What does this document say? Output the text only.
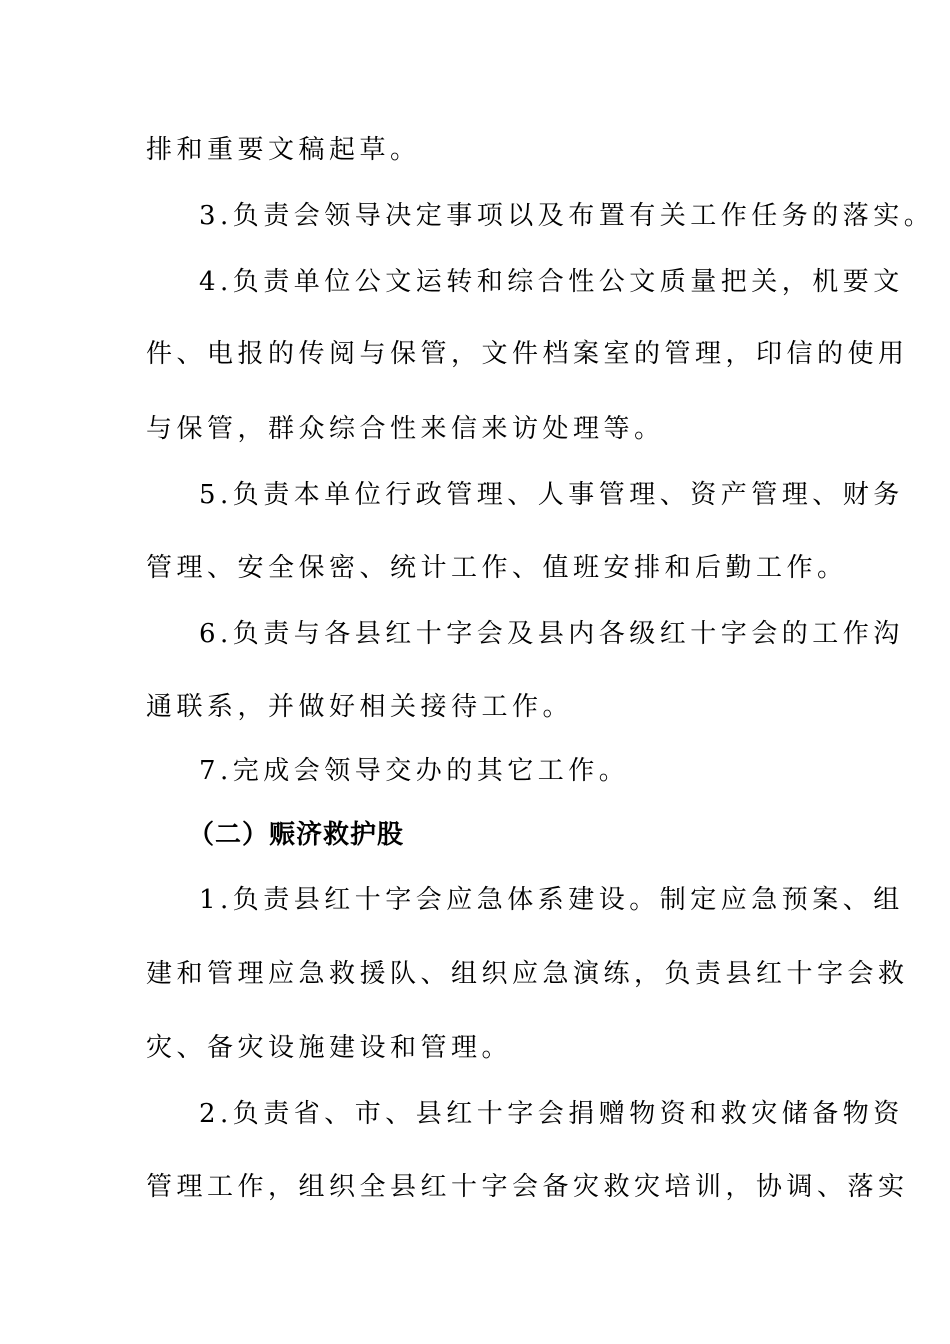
排和重要文稿起草。
3.负责会领导决定事项以及布置有关工作任务的落实。
4.负责单位公文运转和综合性公文质量把关，机要文
件、电报的传阅与保管，文件档案室的管理，印信的使用
与保管，群众综合性来信来访处理等。
5.负责本单位行政管理、人事管理、资产管理、财务
管理、安全保密、统计工作、值班安排和后勤工作。
6.负责与各县红十字会及县内各级红十字会的工作沟
通联系，并做好相关接待工作。
7.完成会领导交办的其它工作。
（二）赈济救护股
1.负责县红十字会应急体系建设。制定应急预案、组
建和管理应急救援队、组织应急演练，负责县红十字会救
灾、备灾设施建设和管理。
2.负责省、市、县红十字会捐赠物资和救灾储备物资
管理工作，组织全县红十字会备灾救灾培训，协调、落实
